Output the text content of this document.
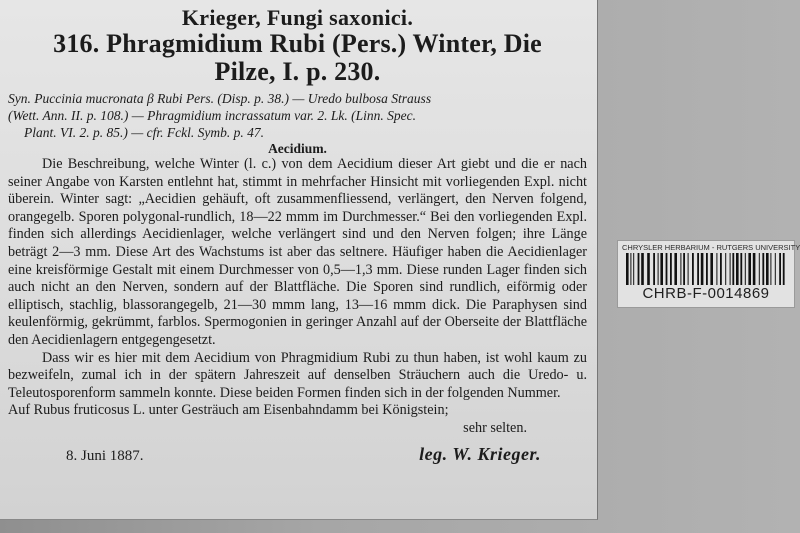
Krieger, Fungi saxonici.
316. Phragmidium Rubi (Pers.) Winter, Die
Pilze, I. p. 230.
Syn. Puccinia mucronata β Rubi Pers. (Disp. p. 38.) — Uredo bulbosa Strauss
(Wett. Ann. II. p. 108.) — Phragmidium incrassatum var. 2. Lk. (Linn. Spec.
Plant. VI. 2. p. 85.) — cfr. Fckl. Symb. p. 47.
Aecidium.

Die Beschreibung, welche Winter (l. c.) von dem Aecidium dieser Art giebt und die er nach seiner Angabe von Karsten entlehnt hat, stimmt in mehrfacher Hinsicht mit vorliegenden Expl. nicht überein. Winter sagt: „Aecidien gehäuft, oft zusammenfliessend, verlängert, den Nerven folgend, orangegelb. Sporen polygonal-rundlich, 18—22 mmm im Durchmesser.“ Bei den vorliegenden Expl. finden sich allerdings Aecidienlager, welche verlängert sind und den Nerven folgen; ihre Länge beträgt 2—3 mm. Diese Art des Wachstums ist aber das seltnere. Häufiger haben die Aecidienlager eine kreisförmige Gestalt mit einem Durchmesser von 0,5—1,3 mm. Diese runden Lager finden sich auch nicht an den Nerven, sondern auf der Blattfläche. Die Sporen sind rundlich, eiförmig oder elliptisch, stachlig, blassorangegelb, 21—30 mmm lang, 13—16 mmm dick. Die Paraphysen sind keulenförmig, gekrümmt, farblos. Spermogonien in geringer Anzahl auf der Oberseite der Blattfläche den Aecidienlagern entgegengesetzt.

Dass wir es hier mit dem Aecidium von Phragmidium Rubi zu thun haben, ist wohl kaum zu bezweifeln, zumal ich in der spätern Jahreszeit auf denselben Sträuchern auch die Uredo- u. Teleutosporenform sammeln konnte. Diese beiden Formen finden sich in der folgenden Nummer.

Auf Rubus fruticosus L. unter Gesträuch am Eisenbahndamm bei Königstein;
sehr selten.
8. Juni 1887.	leg. W. Krieger.
CHRYSLER HERBARIUM - RUTGERS UNIVERSITY
CHRB-F-0014869
